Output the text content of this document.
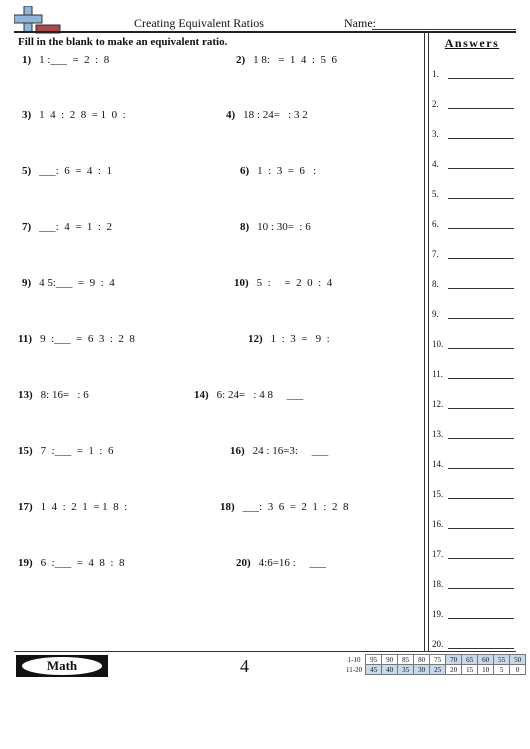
Creating Equivalent Ratios	Name:
Fill in the blank to make an equivalent ratio.
1) 1 :___  =  2  :  8	2) 1 8:   =  1  4  :  5  6
3) 1  4  :  2  8  = 1  0  :	4) 18 : 24=   : 3 2
5) ___:  6  =  4  :  1	6) 1  :  3  =  6   :
7) ___:  4  =  1  :  2	8) 10 : 30=  : 6
9) 4 5:___  =  9  :  4	10) 5  :     =  2  0  :  4
11) 9  :___  =  6  3  :  2  8	12) 1  :  3  =   9  :
13) 8: 16=   : 6	14) 6: 24=   : 4 8     ___
15) 7  :___  =  1  :  6	16) 24 : 16=3:     ___
17) 1  4  :  2  1  = 1  8  :	18) ___:  3  6  =  2  1  :  2  8
19) 6  :___  =  4  8  :  8	20) 4:6=16 :     ___
Answers
1.
2.
3.
4.
5.
6.
7.
8.
9.
10.
11.
12.
13.
14.
15.
16.
17.
18.
19.
20.
Math	4	1-10	95	90	85	80	75	70	65	60	55	50
11-20	45	40	35	30	25	20	15	10	5	0
